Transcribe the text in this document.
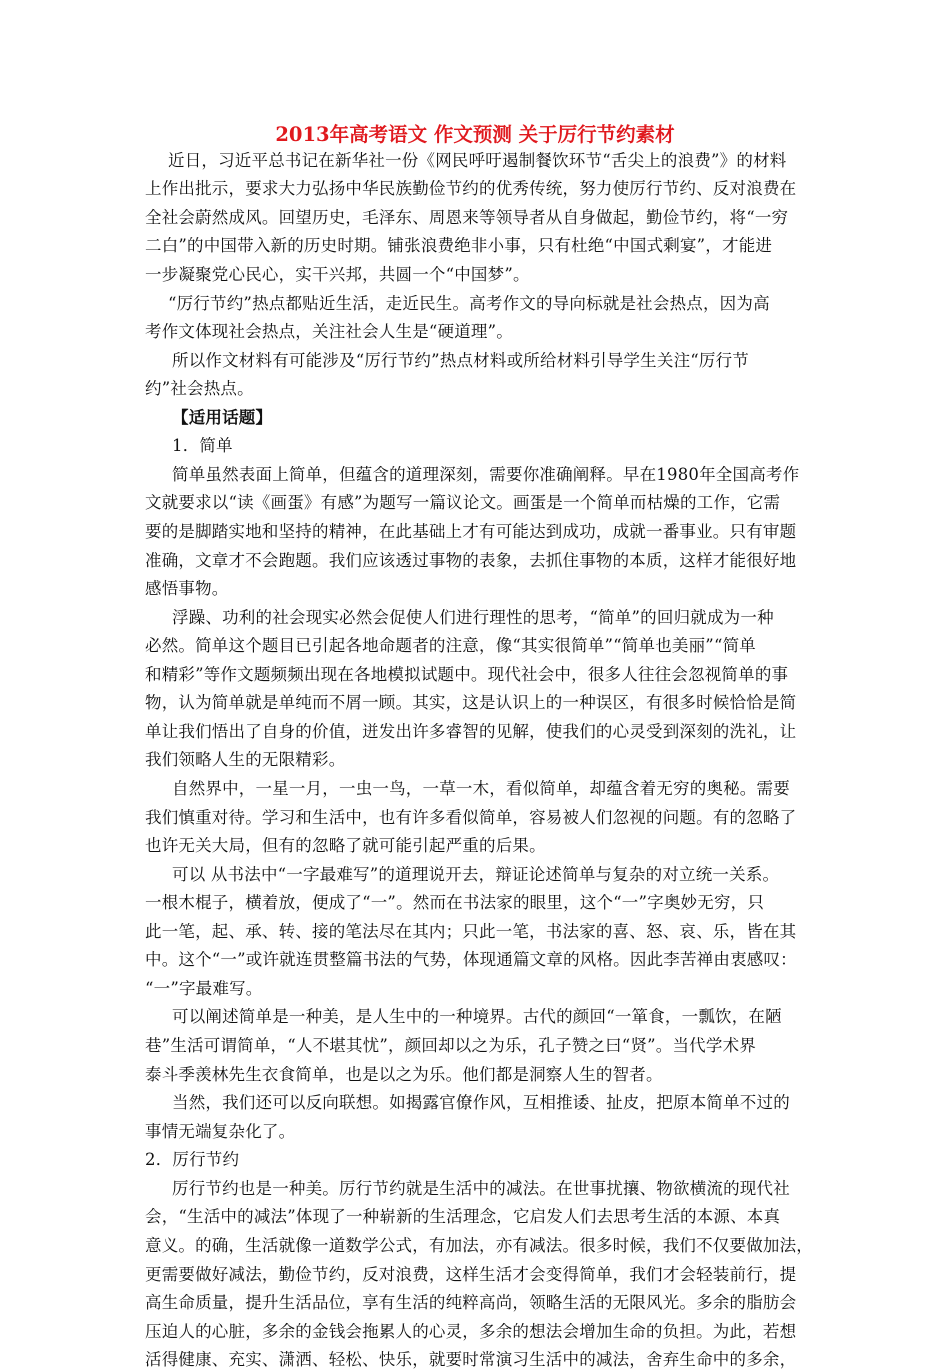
2013年高考语文 作文预测 关于厉行节约素材
近日，习近平总书记在新华社一份《网民呼吁遏制餐饮环节“舌尖上的浪费”》的材料
上作出批示，要求大力弘扬中华民族勤俭节约的优秀传统，努力使厉行节约、反对浪费在
全社会蔚然成风。回望历史，毛泽东、周恩来等领导者从自身做起，勤俭节约，将“一穷
二白”的中国带入新的历史时期。铺张浪费绝非小事，只有杜绝“中国式剩宴”，才能进
一步凝聚党心民心，实干兴邦，共圆一个“中国梦”。
“厉行节约”热点都贴近生活，走近民生。高考作文的导向标就是社会热点，因为高
考作文体现社会热点，关注社会人生是“硬道理”。
所以作文材料有可能涉及“厉行节约”热点材料或所给材料引导学生关注“厉行节
约”社会热点。
【适用话题】
1．简单
简单虽然表面上简单，但蕴含的道理深刻，需要你准确阐释。早在1980年全国高考作
文就要求以“读《画蛋》有感”为题写一篇议论文。画蛋是一个简单而枯燥的工作，它需
要的是脚踏实地和坚持的精神，在此基础上才有可能达到成功，成就一番事业。只有审题
准确，文章才不会跑题。我们应该透过事物的表象，去抓住事物的本质，这样才能很好地
感悟事物。
浮躁、功利的社会现实必然会促使人们进行理性的思考，“简单”的回归就成为一种
必然。简单这个题目已引起各地命题者的注意，像“其实很简单”“简单也美丽”“简单
和精彩”等作文题频频出现在各地模拟试题中。现代社会中，很多人往往会忽视简单的事
物，认为简单就是单纯而不屑一顾。其实，这是认识上的一种误区，有很多时候恰恰是简
单让我们悟出了自身的价值，迸发出许多睿智的见解，使我们的心灵受到深刻的洗礼，让
我们领略人生的无限精彩。
自然界中，一星一月，一虫一鸟，一草一木，看似简单，却蕴含着无穷的奥秘。需要
我们慎重对待。学习和生活中，也有许多看似简单，容易被人们忽视的问题。有的忽略了
也许无关大局，但有的忽略了就可能引起严重的后果。
可以 从书法中“一字最难写”的道理说开去，辩证论述简单与复杂的对立统一关系。
一根木棍子，横着放，便成了“一”。然而在书法家的眼里，这个“一”字奥妙无穷，只
此一笔，起、承、转、接的笔法尽在其内；只此一笔，书法家的喜、怒、哀、乐，皆在其
中。这个“一”或许就连贯整篇书法的气势，体现通篇文章的风格。因此李苦禅由衷感叹：
“一”字最难写。
可以阐述简单是一种美，是人生中的一种境界。古代的颜回“一箪食，一瓢饮，在陋
巷”生活可谓简单，“人不堪其忧”，颜回却以之为乐，孔子赞之曰“贤”。当代学术界
泰斗季羡林先生衣食简单，也是以之为乐。他们都是洞察人生的智者。
当然，我们还可以反向联想。如揭露官僚作风，互相推诿、扯皮，把原本简单不过的
事情无端复杂化了。
2．厉行节约
厉行节约也是一种美。厉行节约就是生活中的减法。在世事扰攘、物欲横流的现代社
会，“生活中的减法”体现了一种崭新的生活理念，它启发人们去思考生活的本源、本真
意义。的确，生活就像一道数学公式，有加法，亦有减法。很多时候，我们不仅要做加法，
更需要做好减法，勤俭节约，反对浪费，这样生活才会变得简单，我们才会轻装前行，提
高生命质量，提升生活品位，享有生活的纯粹高尚，领略生活的无限风光。多余的脂肪会
压迫人的心脏，多余的金钱会拖累人的心灵，多余的想法会增加生命的负担。为此，若想
活得健康、充实、潇洒、轻松、快乐，就要时常演习生活中的减法，舍弃生命中的多余，
